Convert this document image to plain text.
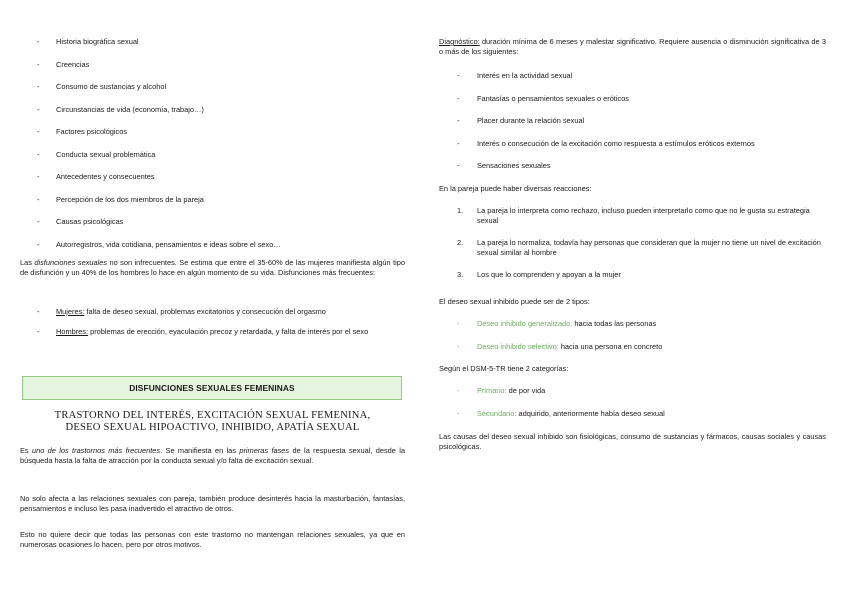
- Historia biográfica sexual
- Creencias
- Consumo de sustancias y alcohol
- Circunstancias de vida (economía, trabajo…)
- Factores psicológicos
- Conducta sexual problemática
- Antecedentes y consecuentes
- Percepción de los dos miembros de la pareja
- Causas psicológicas
- Autorregistros, vida cotidiana, pensamientos e ideas sobre el sexo…

Las disfunciones sexuales no son infrecuentes. Se estima que entre el 35-60% de las mujeres manifiesta algún tipo de disfunción y un 40% de los hombres lo hace en algún momento de su vida. Disfunciones más frecuentes:

- Mujeres: falta de deseo sexual, problemas excitatorios y consecución del orgasmo
- Hombres: problemas de erección, eyaculación precoz y retardada, y falta de interés por el sexo
DISFUNCIONES SEXUALES FEMENINAS
TRASTORNO DEL INTERÉS, EXCITACIÓN SEXUAL FEMENINA,
DESEO SEXUAL HIPOACTIVO, INHIBIDO, APATÍA SEXUAL

Es uno de los trastornos más frecuentes. Se manifiesta en las primeras fases de la respuesta sexual, desde la búsqueda hasta la falta de atracción por la conducta sexual y/o falta de excitación sexual.

No solo afecta a las relaciones sexuales con pareja, también produce desinterés hacia la masturbación, fantasías, pensamientos e incluso les pasa inadvertido el atractivo de otros.

Esto no quiere decir que todas las personas con este trastorno no mantengan relaciones sexuales, ya que en numerosas ocasiones lo hacen, pero por otros motivos.

Diagnóstico: duración mínima de 6 meses y malestar significativo. Requiere ausencia o disminución significativa de 3 o más de los siguientes:

- Interés en la actividad sexual
- Fantasías o pensamientos sexuales o eróticos
- Placer durante la relación sexual
- Interés o consecución de la excitación como respuesta a estímulos eróticos externos
- Sensaciones sexuales

En la pareja puede haber diversas reacciones:

1. La pareja lo interpreta como rechazo, incluso pueden interpretarlo como que no le gusta su estrategia sexual
2. La pareja lo normaliza, todavía hay personas que consideran que la mujer no tiene un nivel de excitación sexual similar al hombre
3. Los que lo comprenden y apoyan a la mujer

El deseo sexual inhibido puede ser de 2 tipos:

- Deseo inhibido generalizado: hacia todas las personas
- Deseo inhibido selectivo: hacia una persona en concreto

Según el DSM-5-TR tiene 2 categorías:

- Primario: de por vida
- Secundario: adquirido, anteriormente había deseo sexual

Las causas del deseo sexual inhibido son fisiológicas, consumo de sustancias y fármacos, causas sociales y causas psicológicas.
